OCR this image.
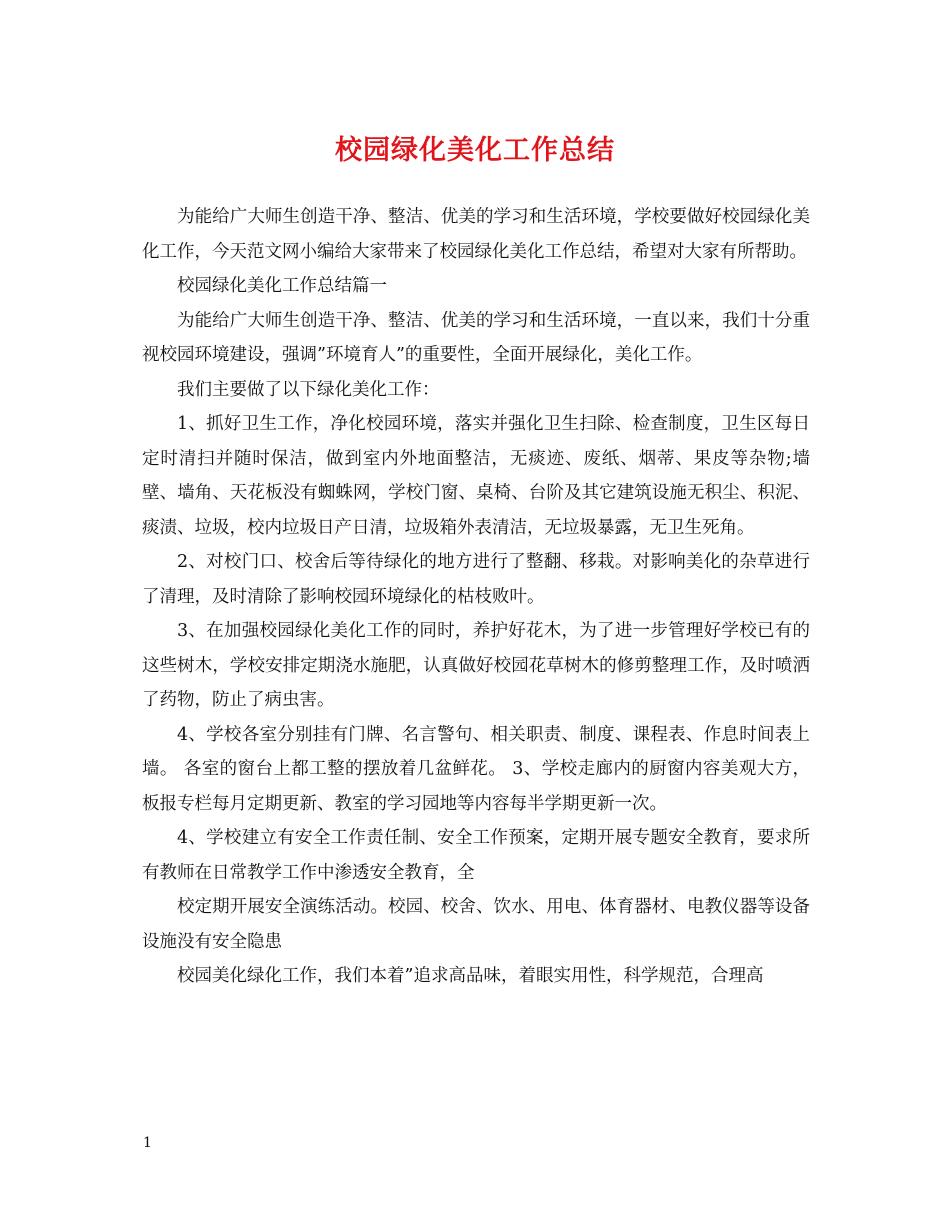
校园绿化美化工作总结

为能给广大师生创造干净、整洁、优美的学习和生活环境，学校要做好校园绿化美化工作，今天范文网小编给大家带来了校园绿化美化工作总结，希望对大家有所帮助。

校园绿化美化工作总结篇一

为能给广大师生创造干净、整洁、优美的学习和生活环境，一直以来，我们十分重视校园环境建设，强调”环境育人”的重要性，全面开展绿化，美化工作。

我们主要做了以下绿化美化工作：

1、抓好卫生工作，净化校园环境，落实并强化卫生扫除、检查制度，卫生区每日定时清扫并随时保洁，做到室内外地面整洁，无痰迹、废纸、烟蒂、果皮等杂物;墙壁、墙角、天花板没有蜘蛛网，学校门窗、桌椅、台阶及其它建筑设施无积尘、积泥、痰渍、垃圾，校内垃圾日产日清，垃圾箱外表清洁，无垃圾暴露，无卫生死角。

2、对校门口、校舍后等待绿化的地方进行了整翻、移栽。对影响美化的杂草进行了清理，及时清除了影响校园环境绿化的枯枝败叶。

3、在加强校园绿化美化工作的同时，养护好花木，为了进一步管理好学校已有的这些树木，学校安排定期浇水施肥，认真做好校园花草树木的修剪整理工作，及时喷洒了药物，防止了病虫害。

4、学校各室分别挂有门牌、名言警句、相关职责、制度、课程表、作息时间表上墙。 各室的窗台上都工整的摆放着几盆鲜花。 3、学校走廊内的厨窗内容美观大方，板报专栏每月定期更新、教室的学习园地等内容每半学期更新一次。

4、学校建立有安全工作责任制、安全工作预案，定期开展专题安全教育，要求所有教师在日常教学工作中渗透安全教育，全

校定期开展安全演练活动。校园、校舍、饮水、用电、体育器材、电教仪器等设备设施没有安全隐患

校园美化绿化工作，我们本着”追求高品味，着眼实用性，科学规范，合理高

1
